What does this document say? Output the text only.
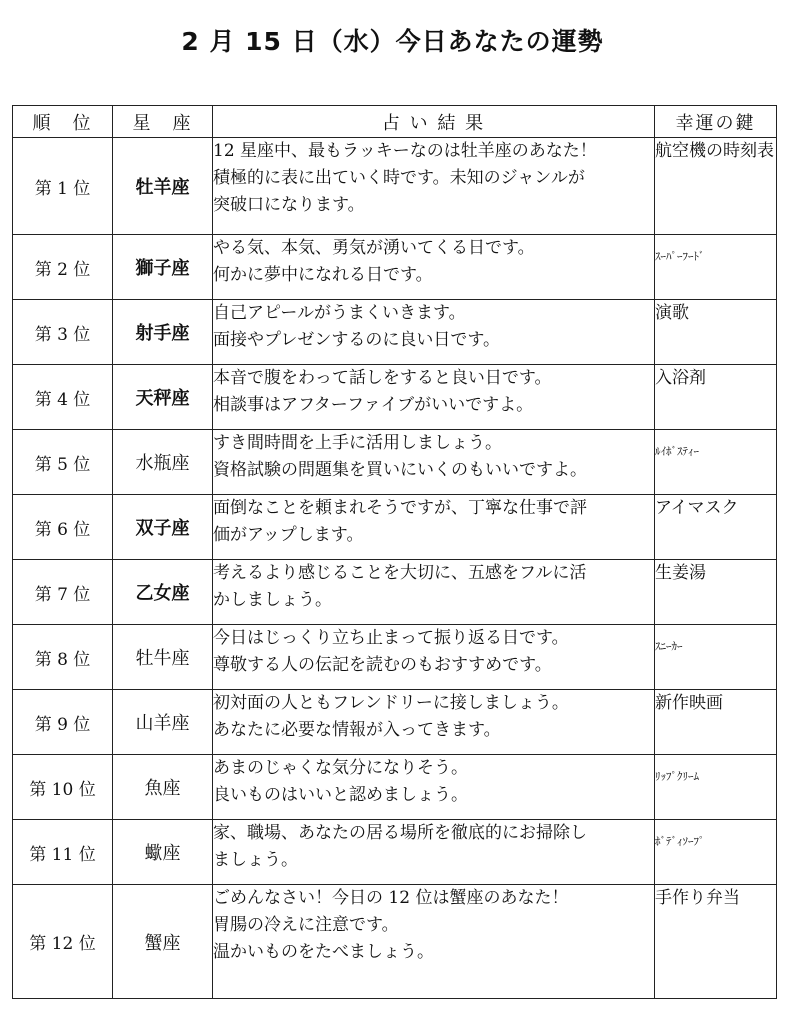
2 月 15 日（水）今日あなたの運勢
順　位	星　座	占 い 結 果	幸運の鍵
第 1 位	牡羊座	12 星座中、最もラッキーなのは牡羊座のあなた！
積極的に表に出ていく時です。未知のジャンルが
突破口になります。	航空機の時刻表
第 2 位	獅子座	やる気、本気、勇気が湧いてくる日です。
何かに夢中になれる日です。	ｽｰﾊﾟｰﾌｰﾄﾞ
第 3 位	射手座	自己アピールがうまくいきます。
面接やプレゼンするのに良い日です。	演歌
第 4 位	天秤座	本音で腹をわって話しをすると良い日です。
相談事はアフターファイブがいいですよ。	入浴剤
第 5 位	水瓶座	すき間時間を上手に活用しましょう。
資格試験の問題集を買いにいくのもいいですよ。	ﾙｲﾎﾞｽﾃｨｰ
第 6 位	双子座	面倒なことを頼まれそうですが、丁寧な仕事で評
価がアップします。	アイマスク
第 7 位	乙女座	考えるより感じることを大切に、五感をフルに活
かしましょう。	生姜湯
第 8 位	牡牛座	今日はじっくり立ち止まって振り返る日です。
尊敬する人の伝記を読むのもおすすめです。	ｽﾆｰｶｰ
第 9 位	山羊座	初対面の人ともフレンドリーに接しましょう。
あなたに必要な情報が入ってきます。	新作映画
第 10 位	魚座	あまのじゃくな気分になりそう。
良いものはいいと認めましょう。	ﾘｯﾌﾟｸﾘｰﾑ
第 11 位	蠍座	家、職場、あなたの居る場所を徹底的にお掃除し
ましょう。	ﾎﾞﾃﾞｨｿｰﾌﾟ
第 12 位	蟹座	ごめんなさい！今日の 12 位は蟹座のあなた！
胃腸の冷えに注意です。
温かいものをたべましょう。	手作り弁当
